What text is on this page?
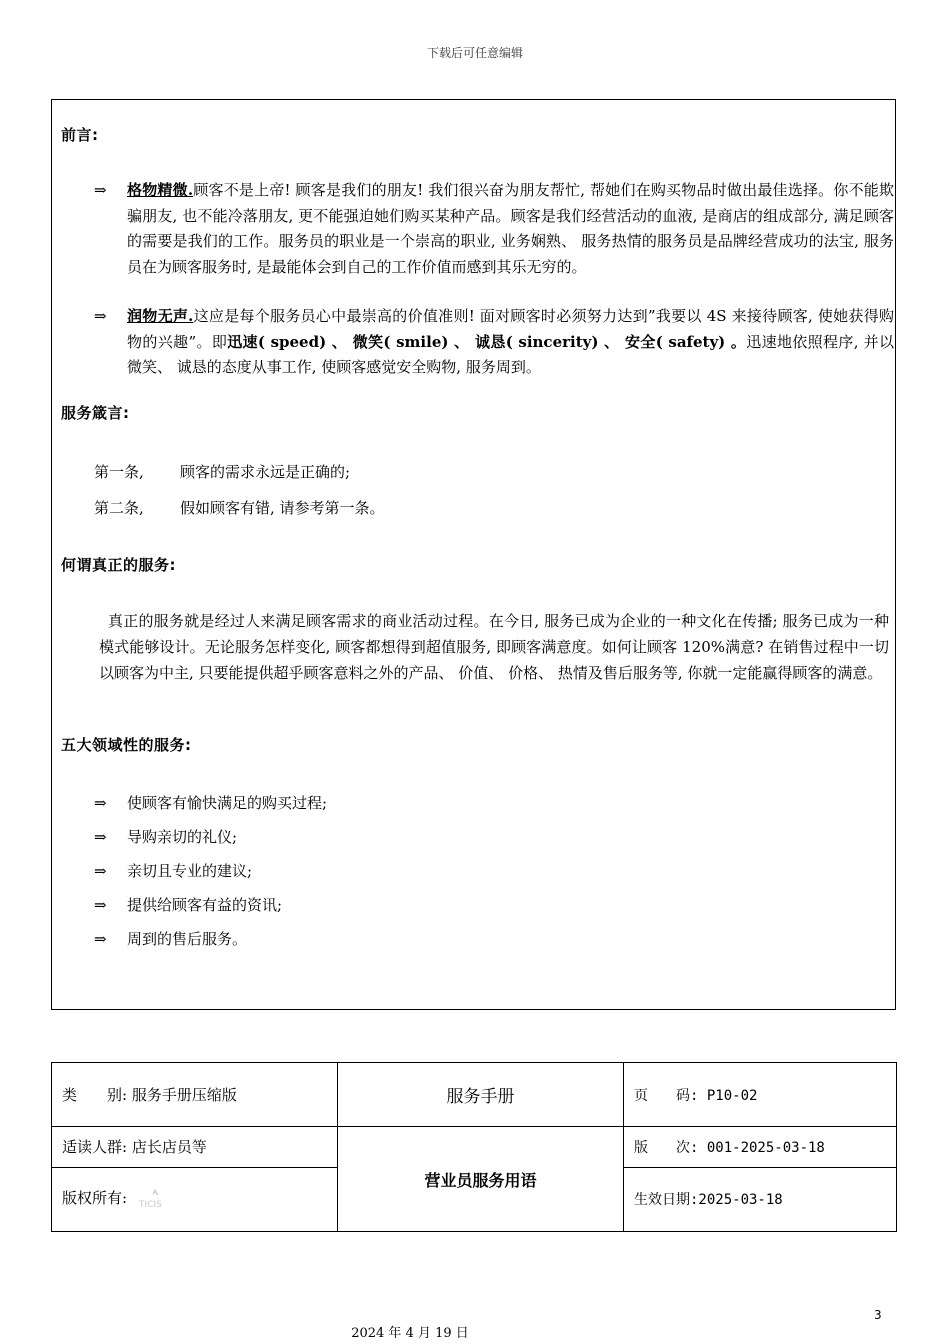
下载后可任意编辑
前言:
⇒ 格物精微.顾客不是上帝! 顾客是我们的朋友! 我们很兴奋为朋友帮忙, 帮她们在购买物品时做出最佳选择。你不能欺骗朋友, 也不能冷落朋友, 更不能强迫她们购买某种产品。顾客是我们经营活动的血液, 是商店的组成部分, 满足顾客的需要是我们的工作。服务员的职业是一个崇高的职业, 业务娴熟、 服务热情的服务员是品牌经营成功的法宝, 服务员在为顾客服务时, 是最能体会到自己的工作价值而感到其乐无穷的。
⇒ 润物无声.这应是每个服务员心中最崇高的价值准则! 面对顾客时必须努力达到”我要以 4S 来接待顾客, 使她获得购物的兴趣”。即迅速( speed) 、 微笑( smile) 、 诚恳( sincerity) 、 安全( safety) 。迅速地依照程序, 并以微笑、 诚恳的态度从事工作, 使顾客感觉安全购物, 服务周到。
服务箴言:
第一条, 顾客的需求永远是正确的;
第二条, 假如顾客有错, 请参考第一条。
何谓真正的服务:
真正的服务就是经过人来满足顾客需求的商业活动过程。在今日, 服务已成为企业的一种文化在传播; 服务已成为一种模式能够设计。无论服务怎样变化, 顾客都想得到超值服务, 即顾客满意度。如何让顾客 120%满意? 在销售过程中一切以顾客为中主, 只要能提供超乎顾客意料之外的产品、 价值、 价格、 热情及售后服务等, 你就一定能赢得顾客的满意。
五大领域性的服务:
⇒ 使顾客有愉快满足的购买过程;
⇒ 导购亲切的礼仪;
⇒ 亲切且专业的建议;
⇒ 提供给顾客有益的资讯;
⇒ 周到的售后服务。
类　　别: 服务手册压缩版	服务手册	页　　码: P10-02
适读人群: 店长店员等	营业员服务用语	版　　次: 001-2025-03-18
版权所有: TICIS		生效日期:2025-03-18
3
2024 年 4 月 19 日
